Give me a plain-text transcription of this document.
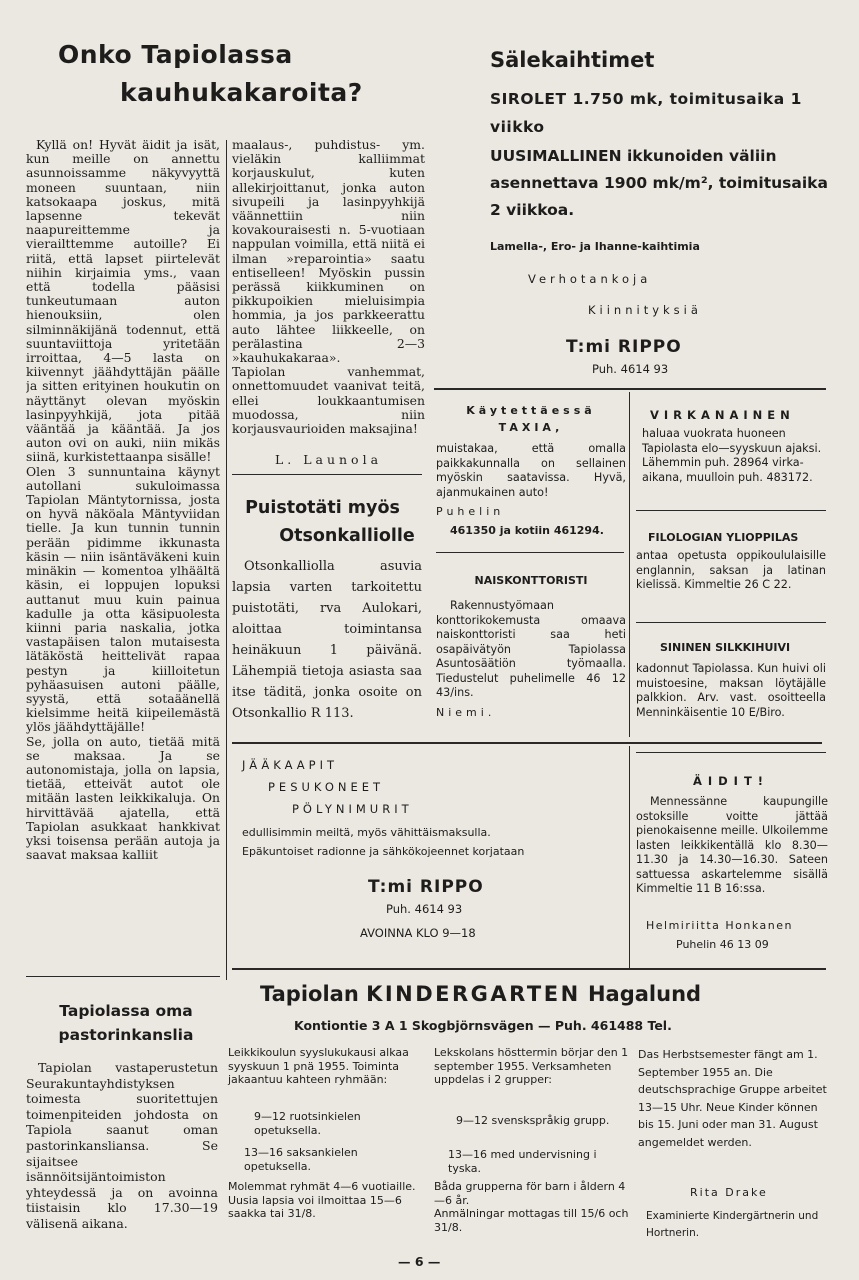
Onko Tapiolassa
kauhukakaroita?
Kyllä on! Hyvät äidit ja isät, kun meille on annettu asunnoissamme näkyvyyttä moneen suuntaan, niin katsokaapa joskus, mitä lapsenne tekevät naapureittemme ja vierailttemme autoille? Ei riitä, että lapset piirtelevät niihin kirjaimia yms., vaan että todella pääsisi tunkeutumaan auton hienouksiin, olen silminnäkijänä todennut, että suuntaviittoja yritetään irroittaa, 4—5 lasta on kiivennyt jäähdyttäjän päälle ja sitten erityinen houkutin on näyttänyt olevan myöskin lasinpyyhkijä, jota pitää vääntää ja kääntää. Ja jos auton ovi on auki, niin mikäs siinä, kurkistettaanpa sisälle!
Olen 3 sunnuntaina käynyt autollani sukuloimassa Tapiolan Mäntytornissa, josta on hyvä näköala Mäntyviidan tielle. Ja kun tunnin tunnin perään pidimme ikkunasta käsin — niin isäntäväkeni kuin minäkin — komentoa ylhäältä käsin, ei loppujen lopuksi auttanut muu kuin painua kadulle ja otta käsipuolesta kiinni paria naskalia, jotka vastapäisen talon mutaisesta lätäköstä heittelivät rapaa pestyn ja kiilloitetun pyhäasuisen autoni päälle, syystä, että sotaäänellä kielsimme heitä kiipeilemästä ylös jäähdyttäjälle!
Se, jolla on auto, tietää mitä se maksaa. Ja se autonomistaja, jolla on lapsia, tietää, etteivät autot ole mitään lasten leikkikaluja. On hirvittävää ajatella, että Tapiolan asukkaat hankkivat yksi toisensa perään autoja ja saavat maksaa kalliit
maalaus-, puhdistus- ym. vieläkin kalliimmat korjauskulut, kuten allekirjoittanut, jonka auton sivupeili ja lasinpyyhkijä väännettiin niin kovakouraisesti n. 5-vuotiaan nappulan voimilla, että niitä ei ilman »reparointia» saatu entiselleen! Myöskin pussin perässä kiikkuminen on pikkupoikien mieluisimpia hommia, ja jos parkkeerattu auto lähtee liikkeelle, on perälastina 2—3 »kauhukakaraa».
Tapiolan vanhemmat, onnettomuudet vaanivat teitä, ellei loukkaantumisen muodossa, niin korjausvaurioiden maksajina!
L. Launola
Puistotäti myös
Otsonkalliolle
Otsonkalliolla asuvia lapsia varten tarkoitettu puistotäti, rva Aulokari, aloittaa toimintansa heinäkuun 1 päivänä. Lähempiä tietoja asiasta saa itse täditä, jonka osoite on Otsonkallio R 113.
Sälekaihtimet
SIROLET 1.750 mk, toimitusaika 1 viikko
UUSIMALLINEN ikkunoiden väliin asennettava 1900 mk/m², toimitusaika 2 viikkoa.
Lamella-, Ero- ja Ihanne-kaihtimia
Verhotankoja
Kiinnityksiä
T:mi RIPPO
Puh. 4614 93
Käytettäessä
TAXIA,
muistakaa, että omalla paikkakunnalla on sellainen myöskin saatavissa. Hyvä, ajanmukainen auto!
Puhelin
461350 ja kotiin 461294.
NAISKONTTORISTI
Rakennustyömaan konttorikokemusta omaava naiskonttoristi saa heti osapäivätyön Tapiolassa Asuntosäätiön työmaalla. Tiedustelut puhelimelle 46 12 43/ins.
Niemi.
VIRKANAINEN
haluaa vuokrata huoneen Tapiolasta elo—syyskuun ajaksi. Lähemmin puh. 28964 virka-aikana, muulloin puh. 483172.
FILOLOGIAN YLIOPPILAS
antaa opetusta oppikoululaisille englannin, saksan ja latinan kielissä. Kimmeltie 26 C 22.
SININEN SILKKIHUIVI
kadonnut Tapiolassa. Kun huivi oli muistoesine, maksan löytäjälle palkkion. Arv. vast. osoitteella Menninkäisentie 10 E/Biro.
JÄÄKAAPIT
PESUKONEET
PÖLYNIMURIT
edullisimmin meiltä, myös vähittäismaksulla.
Epäkuntoiset radionne ja sähkökojeennet korjataan
T:mi RIPPO
Puh. 4614 93
AVOINNA KLO 9—18
ÄIDIT!
Mennessänne kaupungille ostoksille voitte jättää pienokaisenne meille. Ulkoilemme lasten leikkikentällä klo 8.30—11.30 ja 14.30—16.30. Sateen sattuessa askartelemme sisällä Kimmeltie 11 B 16:ssa.
Helmiriitta Honkanen
Puhelin 46 13 09
Tapiolassa oma
pastorinkanslia
Tapiolan vastaperustetun Seurakuntayhdistyksen toimesta suoritettujen toimenpiteiden johdosta on Tapiola saanut oman pastorinkansliansa. Se sijaitsee isännöitsijäntoimiston yhteydessä ja on avoinna tiistaisin klo 17.30—19 välisenä aikana.
Tapiolan KINDERGARTEN Hagalund
Kontiontie 3 A 1 Skogbjörnsvägen — Puh. 461488 Tel.
Leikkikoulun syyslukukausi alkaa syyskuun 1 pnä 1955. Toiminta jakaantuu kahteen ryhmään:
9—12 ruotsinkielen opetuksella.
13—16 saksankielen opetuksella.
Molemmat ryhmät 4—6 vuotiaille.
Uusia lapsia voi ilmoittaa 15—6 saakka tai 31/8.
Lekskolans hösttermin börjar den 1 september 1955. Verksamheten uppdelas i 2 grupper:
9—12 svenskspråkig grupp.
13—16 med undervisning i tyska.
Båda grupperna för barn i åldern 4—6 år.
Anmälningar mottagas till 15/6 och 31/8.
Das Herbstsemester fängt am 1. September 1955 an. Die deutschsprachige Gruppe arbeitet 13—15 Uhr. Neue Kinder können bis 15. Juni oder man 31. August angemeldet werden.
Rita Drake
Examinierte Kindergärtnerin und Hortnerin.
— 6 —
